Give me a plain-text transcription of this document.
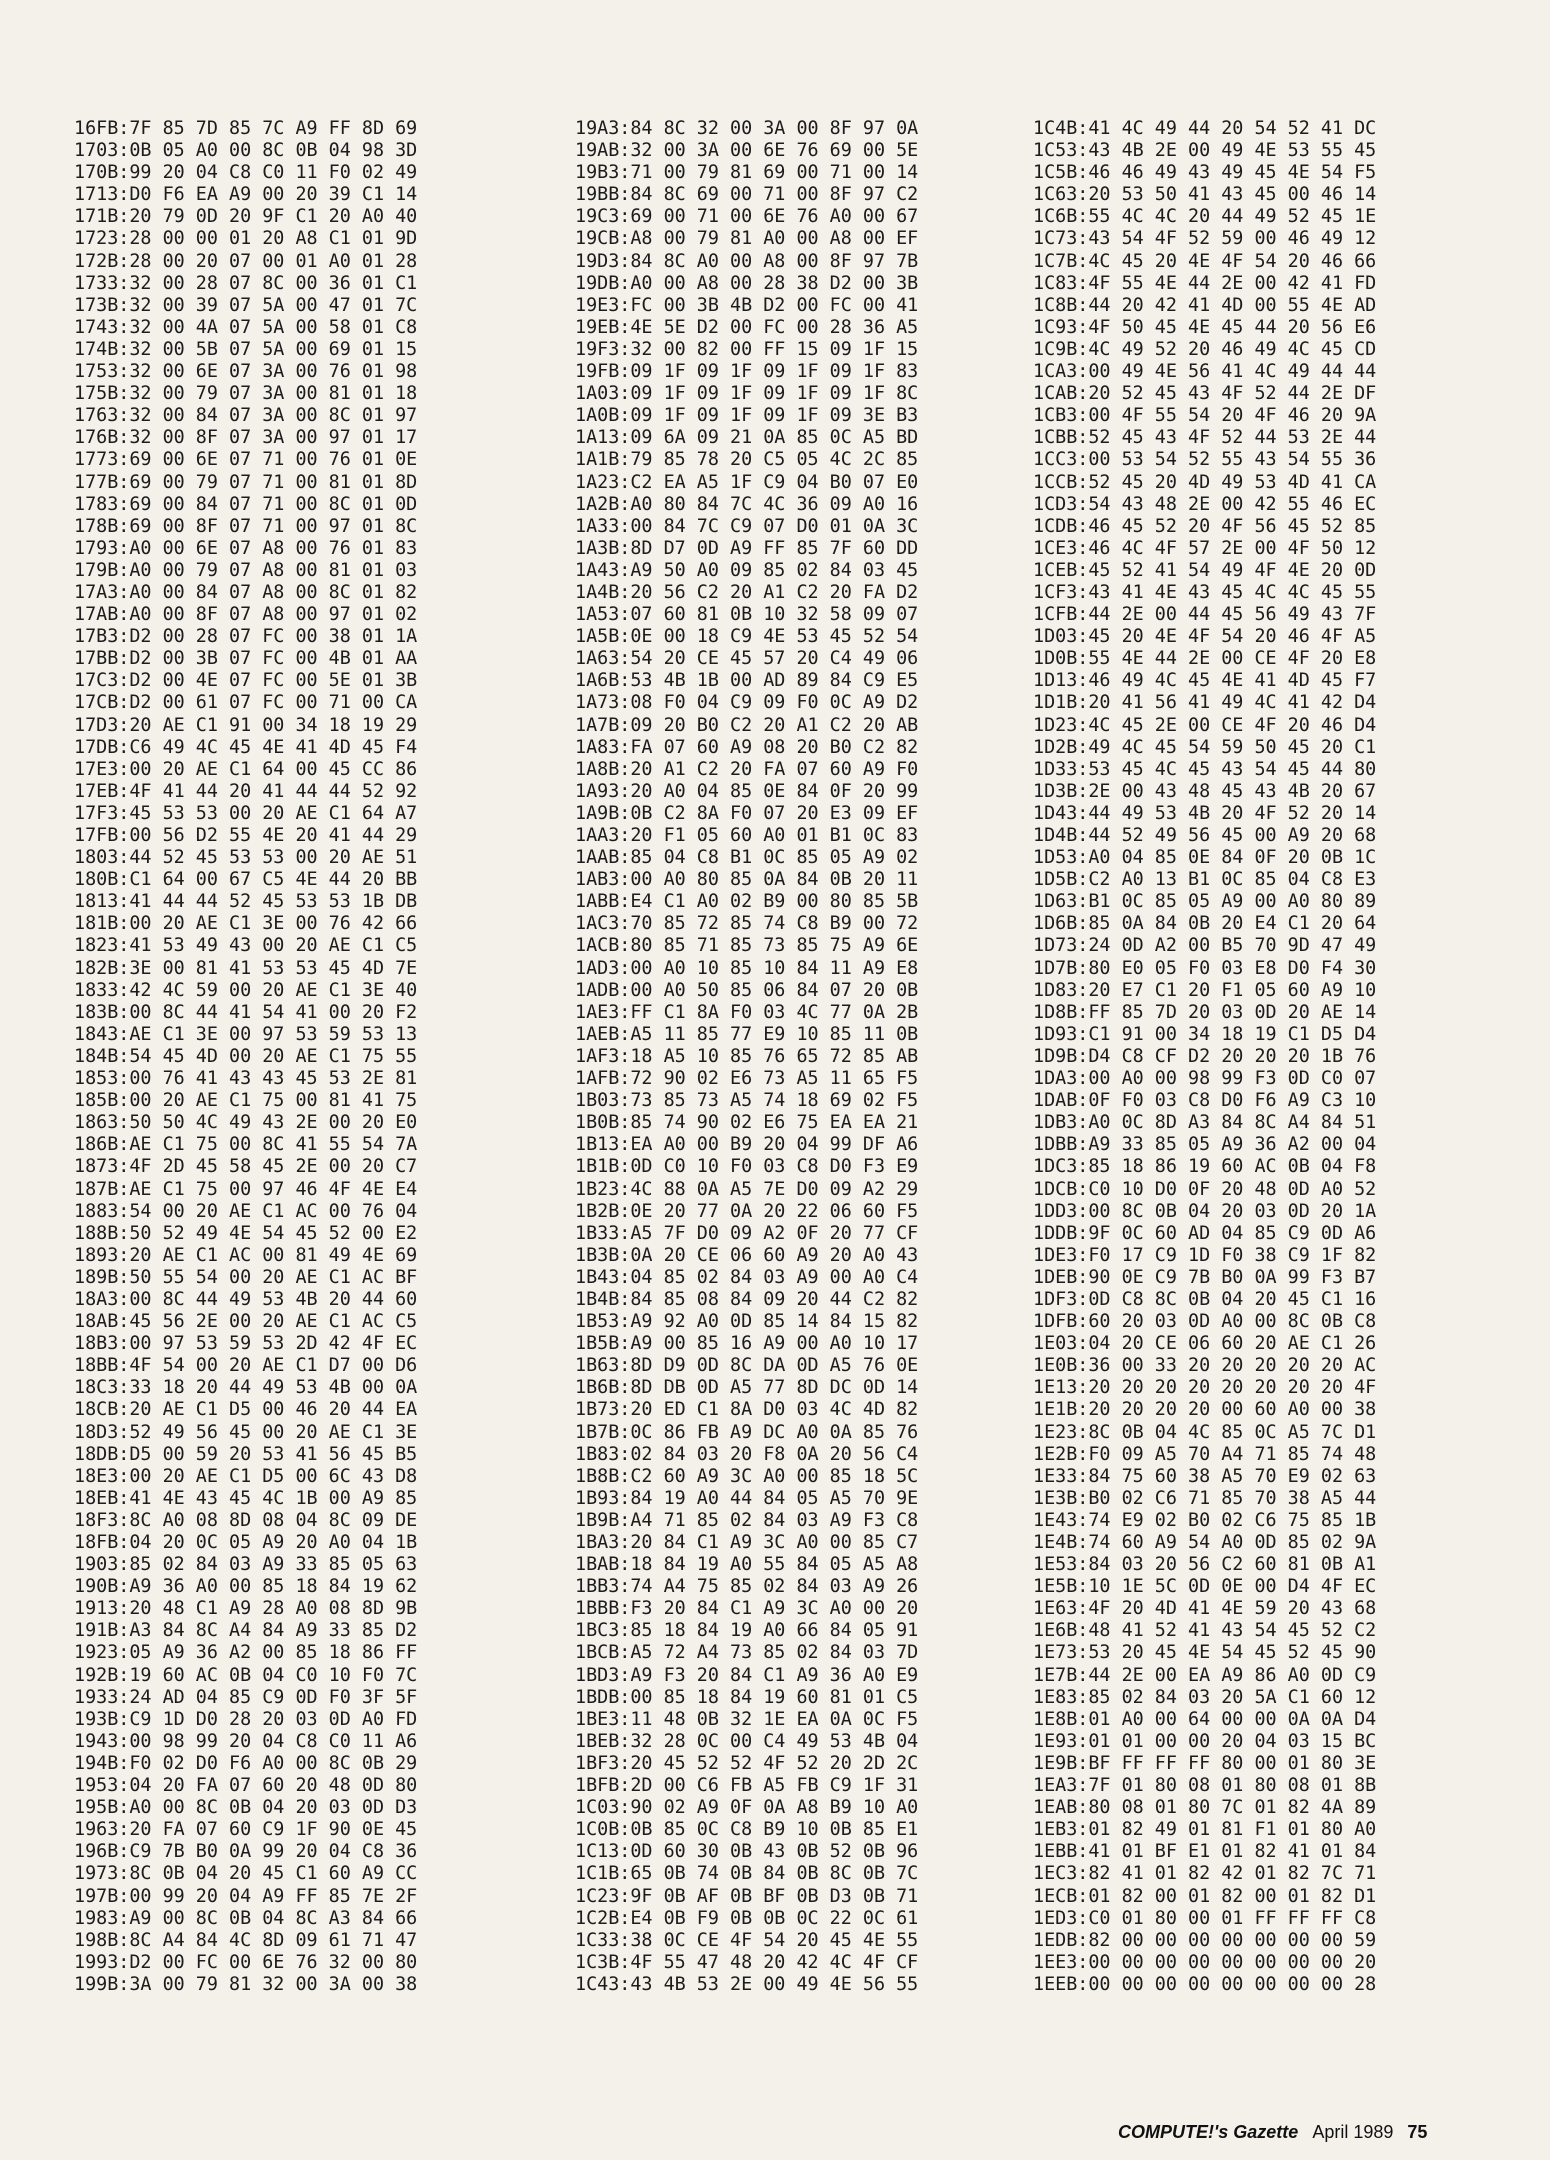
16FB:7F 85 7D 85 7C A9 FF 8D 69
1703:0B 05 A0 00 8C 0B 04 98 3D
170B:99 20 04 C8 C0 11 F0 02 49
1713:D0 F6 EA A9 00 20 39 C1 14
171B:20 79 0D 20 9F C1 20 A0 40
1723:28 00 00 01 20 A8 C1 01 9D
172B:28 00 20 07 00 01 A0 01 28
1733:32 00 28 07 8C 00 36 01 C1
173B:32 00 39 07 5A 00 47 01 7C
1743:32 00 4A 07 5A 00 58 01 C8
174B:32 00 5B 07 5A 00 69 01 15
1753:32 00 6E 07 3A 00 76 01 98
175B:32 00 79 07 3A 00 81 01 18
1763:32 00 84 07 3A 00 8C 01 97
176B:32 00 8F 07 3A 00 97 01 17
1773:69 00 6E 07 71 00 76 01 0E
177B:69 00 79 07 71 00 81 01 8D
1783:69 00 84 07 71 00 8C 01 0D
178B:69 00 8F 07 71 00 97 01 8C
1793:A0 00 6E 07 A8 00 76 01 83
179B:A0 00 79 07 A8 00 81 01 03
17A3:A0 00 84 07 A8 00 8C 01 82
17AB:A0 00 8F 07 A8 00 97 01 02
17B3:D2 00 28 07 FC 00 38 01 1A
17BB:D2 00 3B 07 FC 00 4B 01 AA
17C3:D2 00 4E 07 FC 00 5E 01 3B
17CB:D2 00 61 07 FC 00 71 00 CA
17D3:20 AE C1 91 00 34 18 19 29
17DB:C6 49 4C 45 4E 41 4D 45 F4
17E3:00 20 AE C1 64 00 45 CC 86
17EB:4F 41 44 20 41 44 44 52 92
17F3:45 53 53 00 20 AE C1 64 A7
17FB:00 56 D2 55 4E 20 41 44 29
1803:44 52 45 53 53 00 20 AE 51
180B:C1 64 00 67 C5 4E 44 20 BB
1813:41 44 44 52 45 53 53 1B DB
181B:00 20 AE C1 3E 00 76 42 66
1823:41 53 49 43 00 20 AE C1 C5
182B:3E 00 81 41 53 53 45 4D 7E
1833:42 4C 59 00 20 AE C1 3E 40
183B:00 8C 44 41 54 41 00 20 F2
1843:AE C1 3E 00 97 53 59 53 13
184B:54 45 4D 00 20 AE C1 75 55
1853:00 76 41 43 43 45 53 2E 81
185B:00 20 AE C1 75 00 81 41 75
1863:50 50 4C 49 43 2E 00 20 E0
186B:AE C1 75 00 8C 41 55 54 7A
1873:4F 2D 45 58 45 2E 00 20 C7
187B:AE C1 75 00 97 46 4F 4E E4
1883:54 00 20 AE C1 AC 00 76 04
188B:50 52 49 4E 54 45 52 00 E2
1893:20 AE C1 AC 00 81 49 4E 69
189B:50 55 54 00 20 AE C1 AC BF
18A3:00 8C 44 49 53 4B 20 44 60
18AB:45 56 2E 00 20 AE C1 AC C5
18B3:00 97 53 59 53 2D 42 4F EC
18BB:4F 54 00 20 AE C1 D7 00 D6
18C3:33 18 20 44 49 53 4B 00 0A
18CB:20 AE C1 D5 00 46 20 44 EA
18D3:52 49 56 45 00 20 AE C1 3E
18DB:D5 00 59 20 53 41 56 45 B5
18E3:00 20 AE C1 D5 00 6C 43 D8
18EB:41 4E 43 45 4C 1B 00 A9 85
18F3:8C A0 08 8D 08 04 8C 09 DE
18FB:04 20 0C 05 A9 20 A0 04 1B
1903:85 02 84 03 A9 33 85 05 63
190B:A9 36 A0 00 85 18 84 19 62
1913:20 48 C1 A9 28 A0 08 8D 9B
191B:A3 84 8C A4 84 A9 33 85 D2
1923:05 A9 36 A2 00 85 18 86 FF
192B:19 60 AC 0B 04 C0 10 F0 7C
1933:24 AD 04 85 C9 0D F0 3F 5F
193B:C9 1D D0 28 20 03 0D A0 FD
1943:00 98 99 20 04 C8 C0 11 A6
194B:F0 02 D0 F6 A0 00 8C 0B 29
1953:04 20 FA 07 60 20 48 0D 80
195B:A0 00 8C 0B 04 20 03 0D D3
1963:20 FA 07 60 C9 1F 90 0E 45
196B:C9 7B B0 0A 99 20 04 C8 36
1973:8C 0B 04 20 45 C1 60 A9 CC
197B:00 99 20 04 A9 FF 85 7E 2F
1983:A9 00 8C 0B 04 8C A3 84 66
198B:8C A4 84 4C 8D 09 61 71 47
1993:D2 00 FC 00 6E 76 32 00 80
199B:3A 00 79 81 32 00 3A 00 38
19A3:84 8C 32 00 3A 00 8F 97 0A
19AB:32 00 3A 00 6E 76 69 00 5E
19B3:71 00 79 81 69 00 71 00 14
19BB:84 8C 69 00 71 00 8F 97 C2
19C3:69 00 71 00 6E 76 A0 00 67
19CB:A8 00 79 81 A0 00 A8 00 EF
19D3:84 8C A0 00 A8 00 8F 97 7B
19DB:A0 00 A8 00 28 38 D2 00 3B
19E3:FC 00 3B 4B D2 00 FC 00 41
19EB:4E 5E D2 00 FC 00 28 36 A5
19F3:32 00 82 00 FF 15 09 1F 15
19FB:09 1F 09 1F 09 1F 09 1F 83
1A03:09 1F 09 1F 09 1F 09 1F 8C
1A0B:09 1F 09 1F 09 1F 09 3E B3
1A13:09 6A 09 21 0A 85 0C A5 BD
1A1B:79 85 78 20 C5 05 4C 2C 85
1A23:C2 EA A5 1F C9 04 B0 07 E0
1A2B:A0 80 84 7C 4C 36 09 A0 16
1A33:00 84 7C C9 07 D0 01 0A 3C
1A3B:8D D7 0D A9 FF 85 7F 60 DD
1A43:A9 50 A0 09 85 02 84 03 45
1A4B:20 56 C2 20 A1 C2 20 FA D2
1A53:07 60 81 0B 10 32 58 09 07
1A5B:0E 00 18 C9 4E 53 45 52 54
1A63:54 20 CE 45 57 20 C4 49 06
1A6B:53 4B 1B 00 AD 89 84 C9 E5
1A73:08 F0 04 C9 09 F0 0C A9 D2
1A7B:09 20 B0 C2 20 A1 C2 20 AB
1A83:FA 07 60 A9 08 20 B0 C2 82
1A8B:20 A1 C2 20 FA 07 60 A9 F0
1A93:20 A0 04 85 0E 84 0F 20 99
1A9B:0B C2 8A F0 07 20 E3 09 EF
1AA3:20 F1 05 60 A0 01 B1 0C 83
1AAB:85 04 C8 B1 0C 85 05 A9 02
1AB3:00 A0 80 85 0A 84 0B 20 11
1ABB:E4 C1 A0 02 B9 00 80 85 5B
1AC3:70 85 72 85 74 C8 B9 00 72
1ACB:80 85 71 85 73 85 75 A9 6E
1AD3:00 A0 10 85 10 84 11 A9 E8
1ADB:00 A0 50 85 06 84 07 20 0B
1AE3:FF C1 8A F0 03 4C 77 0A 2B
1AEB:A5 11 85 77 E9 10 85 11 0B
1AF3:18 A5 10 85 76 65 72 85 AB
1AFB:72 90 02 E6 73 A5 11 65 F5
1B03:73 85 73 A5 74 18 69 02 F5
1B0B:85 74 90 02 E6 75 EA EA 21
1B13:EA A0 00 B9 20 04 99 DF A6
1B1B:0D C0 10 F0 03 C8 D0 F3 E9
1B23:4C 88 0A A5 7E D0 09 A2 29
1B2B:0E 20 77 0A 20 22 06 60 F5
1B33:A5 7F D0 09 A2 0F 20 77 CF
1B3B:0A 20 CE 06 60 A9 20 A0 43
1B43:04 85 02 84 03 A9 00 A0 C4
1B4B:84 85 08 84 09 20 44 C2 82
1B53:A9 92 A0 0D 85 14 84 15 82
1B5B:A9 00 85 16 A9 00 A0 10 17
1B63:8D D9 0D 8C DA 0D A5 76 0E
1B6B:8D DB 0D A5 77 8D DC 0D 14
1B73:20 ED C1 8A D0 03 4C 4D 82
1B7B:0C 86 FB A9 DC A0 0A 85 76
1B83:02 84 03 20 F8 0A 20 56 C4
1B8B:C2 60 A9 3C A0 00 85 18 5C
1B93:84 19 A0 44 84 05 A5 70 9E
1B9B:A4 71 85 02 84 03 A9 F3 C8
1BA3:20 84 C1 A9 3C A0 00 85 C7
1BAB:18 84 19 A0 55 84 05 A5 A8
1BB3:74 A4 75 85 02 84 03 A9 26
1BBB:F3 20 84 C1 A9 3C A0 00 20
1BC3:85 18 84 19 A0 66 84 05 91
1BCB:A5 72 A4 73 85 02 84 03 7D
1BD3:A9 F3 20 84 C1 A9 36 A0 E9
1BDB:00 85 18 84 19 60 81 01 C5
1BE3:11 48 0B 32 1E EA 0A 0C F5
1BEB:32 28 0C 00 C4 49 53 4B 04
1BF3:20 45 52 52 4F 52 20 2D 2C
1BFB:2D 00 C6 FB A5 FB C9 1F 31
1C03:90 02 A9 0F 0A A8 B9 10 A0
1C0B:0B 85 0C C8 B9 10 0B 85 E1
1C13:0D 60 30 0B 43 0B 52 0B 96
1C1B:65 0B 74 0B 84 0B 8C 0B 7C
1C23:9F 0B AF 0B BF 0B D3 0B 71
1C2B:E4 0B F9 0B 0B 0C 22 0C 61
1C33:38 0C CE 4F 54 20 45 4E 55
1C3B:4F 55 47 48 20 42 4C 4F CF
1C43:43 4B 53 2E 00 49 4E 56 55
1C4B:41 4C 49 44 20 54 52 41 DC
1C53:43 4B 2E 00 49 4E 53 55 45
1C5B:46 46 49 43 49 45 4E 54 F5
1C63:20 53 50 41 43 45 00 46 14
1C6B:55 4C 4C 20 44 49 52 45 1E
1C73:43 54 4F 52 59 00 46 49 12
1C7B:4C 45 20 4E 4F 54 20 46 66
1C83:4F 55 4E 44 2E 00 42 41 FD
1C8B:44 20 42 41 4D 00 55 4E AD
1C93:4F 50 45 4E 45 44 20 56 E6
1C9B:4C 49 52 20 46 49 4C 45 CD
1CA3:00 49 4E 56 41 4C 49 44 44
1CAB:20 52 45 43 4F 52 44 2E DF
1CB3:00 4F 55 54 20 4F 46 20 9A
1CBB:52 45 43 4F 52 44 53 2E 44
1CC3:00 53 54 52 55 43 54 55 36
1CCB:52 45 20 4D 49 53 4D 41 CA
1CD3:54 43 48 2E 00 42 55 46 EC
1CDB:46 45 52 20 4F 56 45 52 85
1CE3:46 4C 4F 57 2E 00 4F 50 12
1CEB:45 52 41 54 49 4F 4E 20 0D
1CF3:43 41 4E 43 45 4C 4C 45 55
1CFB:44 2E 00 44 45 56 49 43 7F
1D03:45 20 4E 4F 54 20 46 4F A5
1D0B:55 4E 44 2E 00 CE 4F 20 E8
1D13:46 49 4C 45 4E 41 4D 45 F7
1D1B:20 41 56 41 49 4C 41 42 D4
1D23:4C 45 2E 00 CE 4F 20 46 D4
1D2B:49 4C 45 54 59 50 45 20 C1
1D33:53 45 4C 45 43 54 45 44 80
1D3B:2E 00 43 48 45 43 4B 20 67
1D43:44 49 53 4B 20 4F 52 20 14
1D4B:44 52 49 56 45 00 A9 20 68
1D53:A0 04 85 0E 84 0F 20 0B 1C
1D5B:C2 A0 13 B1 0C 85 04 C8 E3
1D63:B1 0C 85 05 A9 00 A0 80 89
1D6B:85 0A 84 0B 20 E4 C1 20 64
1D73:24 0D A2 00 B5 70 9D 47 49
1D7B:80 E0 05 F0 03 E8 D0 F4 30
1D83:20 E7 C1 20 F1 05 60 A9 10
1D8B:FF 85 7D 20 03 0D 20 AE 14
1D93:C1 91 00 34 18 19 C1 D5 D4
1D9B:D4 C8 CF D2 20 20 20 1B 76
1DA3:00 A0 00 98 99 F3 0D C0 07
1DAB:0F F0 03 C8 D0 F6 A9 C3 10
1DB3:A0 0C 8D A3 84 8C A4 84 51
1DBB:A9 33 85 05 A9 36 A2 00 04
1DC3:85 18 86 19 60 AC 0B 04 F8
1DCB:C0 10 D0 0F 20 48 0D A0 52
1DD3:00 8C 0B 04 20 03 0D 20 1A
1DDB:9F 0C 60 AD 04 85 C9 0D A6
1DE3:F0 17 C9 1D F0 38 C9 1F 82
1DEB:90 0E C9 7B B0 0A 99 F3 B7
1DF3:0D C8 8C 0B 04 20 45 C1 16
1DFB:60 20 03 0D A0 00 8C 0B C8
1E03:04 20 CE 06 60 20 AE C1 26
1E0B:36 00 33 20 20 20 20 20 AC
1E13:20 20 20 20 20 20 20 20 4F
1E1B:20 20 20 20 00 60 A0 00 38
1E23:8C 0B 04 4C 85 0C A5 7C D1
1E2B:F0 09 A5 70 A4 71 85 74 48
1E33:84 75 60 38 A5 70 E9 02 63
1E3B:B0 02 C6 71 85 70 38 A5 44
1E43:74 E9 02 B0 02 C6 75 85 1B
1E4B:74 60 A9 54 A0 0D 85 02 9A
1E53:84 03 20 56 C2 60 81 0B A1
1E5B:10 1E 5C 0D 0E 00 D4 4F EC
1E63:4F 20 4D 41 4E 59 20 43 68
1E6B:48 41 52 41 43 54 45 52 C2
1E73:53 20 45 4E 54 45 52 45 90
1E7B:44 2E 00 EA A9 86 A0 0D C9
1E83:85 02 84 03 20 5A C1 60 12
1E8B:01 A0 00 64 00 00 0A 0A D4
1E93:01 01 00 00 20 04 03 15 BC
1E9B:BF FF FF FF 80 00 01 80 3E
1EA3:7F 01 80 08 01 80 08 01 8B
1EAB:80 08 01 80 7C 01 82 4A 89
1EB3:01 82 49 01 81 F1 01 80 A0
1EBB:41 01 BF E1 01 82 41 01 84
1EC3:82 41 01 82 42 01 82 7C 71
1ECB:01 82 00 01 82 00 01 82 D1
1ED3:C0 01 80 00 01 FF FF FF C8
1EDB:82 00 00 00 00 00 00 00 59
1EE3:00 00 00 00 00 00 00 00 20
1EEB:00 00 00 00 00 00 00 00 28
COMPUTE!'s Gazette April 1989 75
